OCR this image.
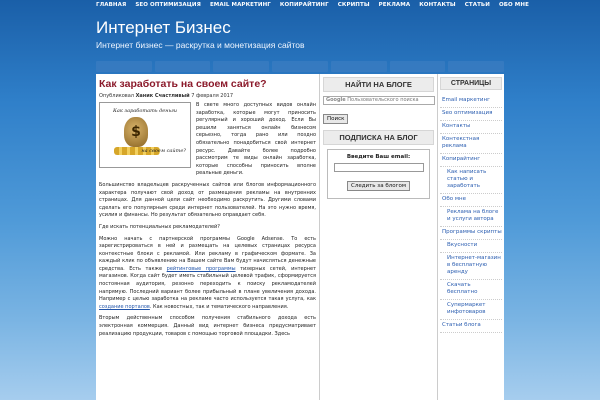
ГЛАВНАЯ SEO ОПТИМИЗАЦИЯ EMAIL МАРКЕТИНГ КОПИРАЙТИНГ СКРИПТЫ РЕКЛАМА КОНТАКТЫ СТАТЬИ ОБО МНЕ
Интернет Бизнес
Интернет бизнес — раскрутка и монетизация сайтов
Как заработать на своем сайте?
Опубликовал Ханик Счастливый 7 февраля 2017
Как заработать деньги
$
на своем сайте?

В свете много доступных видов онлайн заработка, которые могут приносить регулярный и хороший доход. Если Вы решили заняться онлайн бизнесом серьезно, тогда рано или поздно обязательно понадобиться свой интернет ресурс. Давайте более подробно рассмотрим те виды онлайн заработка, которые способны приносить вполне реальные деньги.

Большинство владельцев раскрученных сайтов или блогов информационного характера получают свой доход от размещения рекламы на внутренних страницах. Для данной цели сайт необходимо раскрутить. Другими словами сделать его популярным среди интернет пользователей. На это нужно время, усилия и финансы. Но результат обязательно оправдает себя.

Где искать потенциальных рекламодателей?

Можно начать с партнерской программы Google Adsense. То есть зарегистрироваться в ней и размещать на целевых страницах ресурса контекстные блоки с рекламой. Или рекламу в графическом формате. За каждый клик по объявлению на Вашем сайте Вам будут начисляться денежные средства. Есть также рейтинговые программы тизерных сетей, интернет магазинов. Когда сайт будет иметь стабильный целевой трафик, сформируется постоянная аудитория, резонно переходить к поиску рекламодателей напрямую. Последний вариант более прибыльный в плане увеличения дохода. Например с целью заработка на рекламе часто используется такая услуга, как создание порталов. Как новостных, так и тематического направления.

Вторым действенным способом получения стабильного дохода есть электронная коммерция. Данный вид интернет бизнеса предусматривает реализацию продукции, товаров с помощью торговой площадки. Здесь

НАЙТИ НА БЛОГЕ
Google Пользовательского поиска
Поиск
ПОДПИСКА НА БЛОГ
Введите Ваш email:
Следить за блогом
СТРАНИЦЫ
Email маркетинг
Seo оптимизация
Контакты
Контекстная реклама
Копирайтинг
Как написать статью и заработать
Обо мне
Реклама на блоге и услуги автора
Программы скрипты
Вкусности
Интернет-магазин в бесплатную аренду
Скачать бесплатно
Супермаркет инфотоваров
Статьи блога
